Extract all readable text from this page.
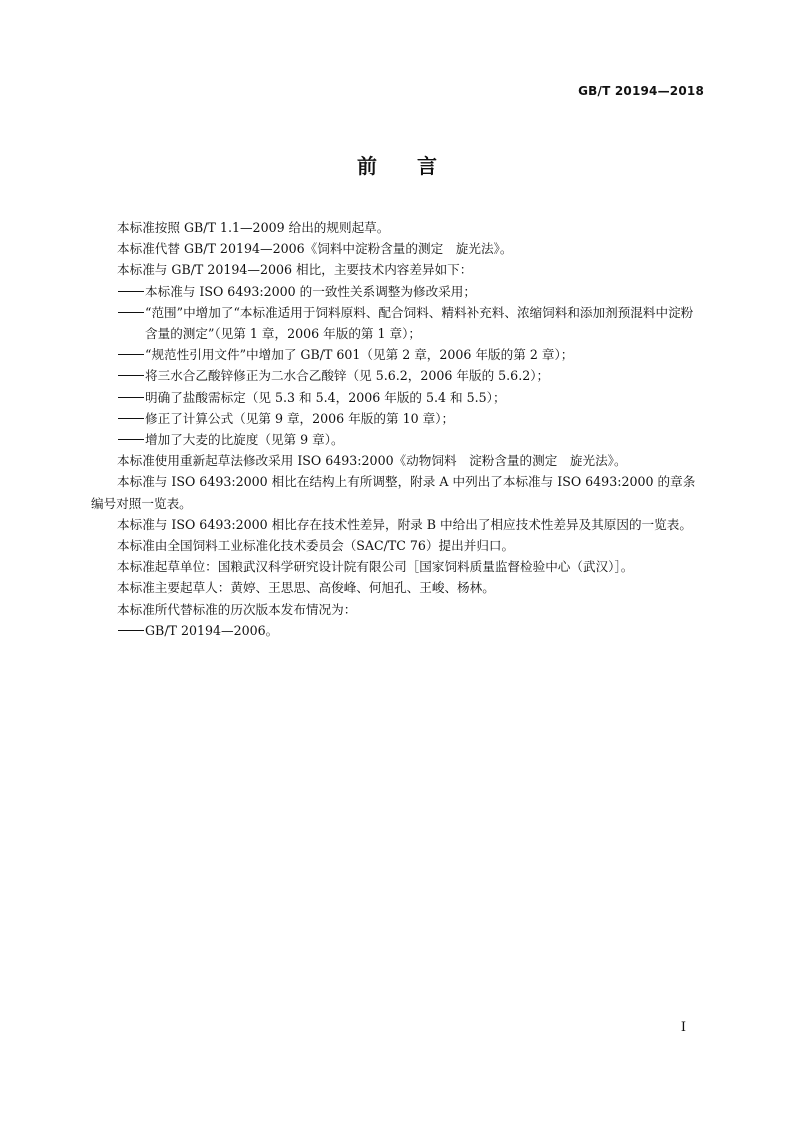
GB/T 20194—2018
前言

本标准按照 GB/T 1.1—2009 给出的规则起草。

本标准代替 GB/T 20194—2006《饲料中淀粉含量的测定　旋光法》。

本标准与 GB/T 20194—2006 相比，主要技术内容差异如下：

本标准与 ISO 6493:2000 的一致性关系调整为修改采用；
“范围”中增加了“本标准适用于饲料原料、配合饲料、精料补充料、浓缩饲料和添加剂预混料中淀粉含量的测定”（见第 1 章，2006 年版的第 1 章）；
“规范性引用文件”中增加了 GB/T 601（见第 2 章，2006 年版的第 2 章）；
将三水合乙酸锌修正为二水合乙酸锌（见 5.6.2，2006 年版的 5.6.2）；
明确了盐酸需标定（见 5.3 和 5.4，2006 年版的 5.4 和 5.5）；
修正了计算公式（见第 9 章，2006 年版的第 10 章）；
增加了大麦的比旋度（见第 9 章）。

本标准使用重新起草法修改采用 ISO 6493:2000《动物饲料　淀粉含量的测定　旋光法》。

本标准与 ISO 6493:2000 相比在结构上有所调整，附录 A 中列出了本标准与 ISO 6493:2000 的章条编号对照一览表。

本标准与 ISO 6493:2000 相比存在技术性差异，附录 B 中给出了相应技术性差异及其原因的一览表。

本标准由全国饲料工业标准化技术委员会（SAC/TC 76）提出并归口。

本标准起草单位：国粮武汉科学研究设计院有限公司［国家饲料质量监督检验中心（武汉）］。

本标准主要起草人：黄婷、王思思、高俊峰、何旭孔、王峻、杨林。

本标准所代替标准的历次版本发布情况为：

GB/T 20194—2006。
I
